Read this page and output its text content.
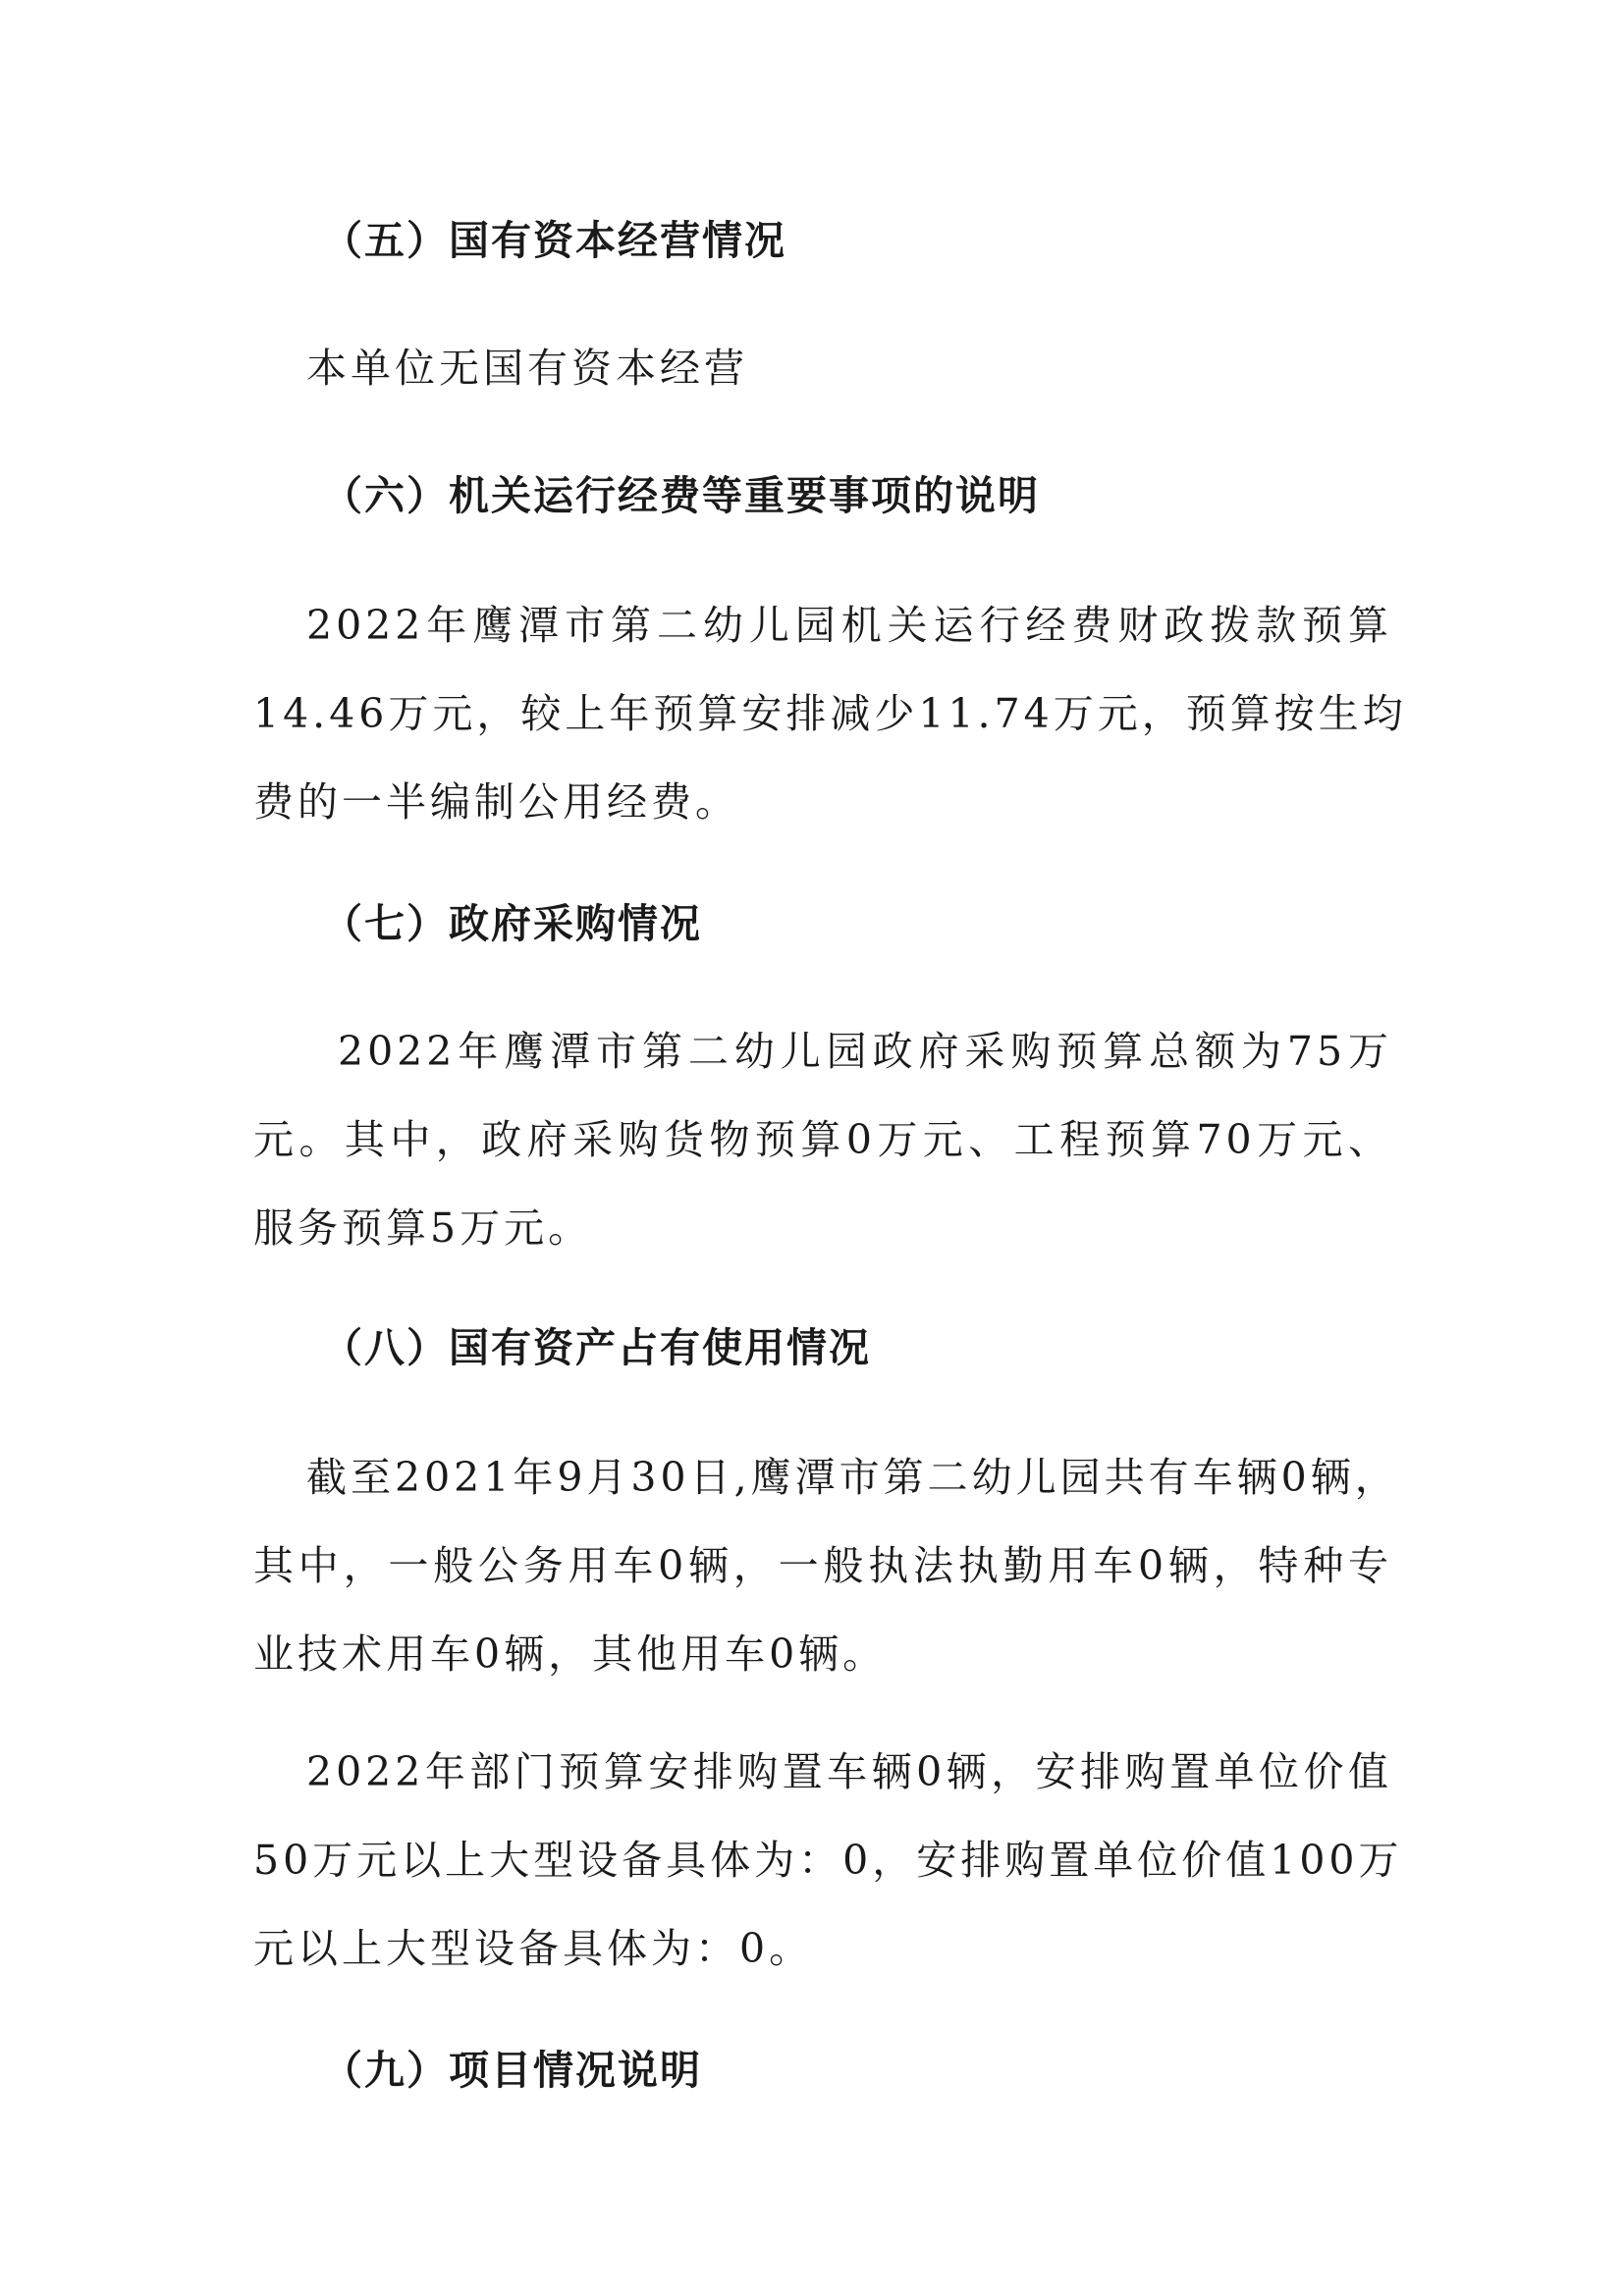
（五）国有资本经营情况
本单位无国有资本经营
（六）机关运行经费等重要事项的说明
2022年鹰潭市第二幼儿园机关运行经费财政拨款预算
14.46万元，较上年预算安排减少11.74万元，预算按生均
费的一半编制公用经费。
（七）政府采购情况
2022年鹰潭市第二幼儿园政府采购预算总额为75万
元。其中，政府采购货物预算0万元、工程预算70万元、
服务预算5万元。
（八）国有资产占有使用情况
截至2021年9月30日,鹰潭市第二幼儿园共有车辆0辆，
其中，一般公务用车0辆，一般执法执勤用车0辆，特种专
业技术用车0辆，其他用车0辆。
2022年部门预算安排购置车辆0辆，安排购置单位价值
50万元以上大型设备具体为：0，安排购置单位价值100万
元以上大型设备具体为：0。
（九）项目情况说明
